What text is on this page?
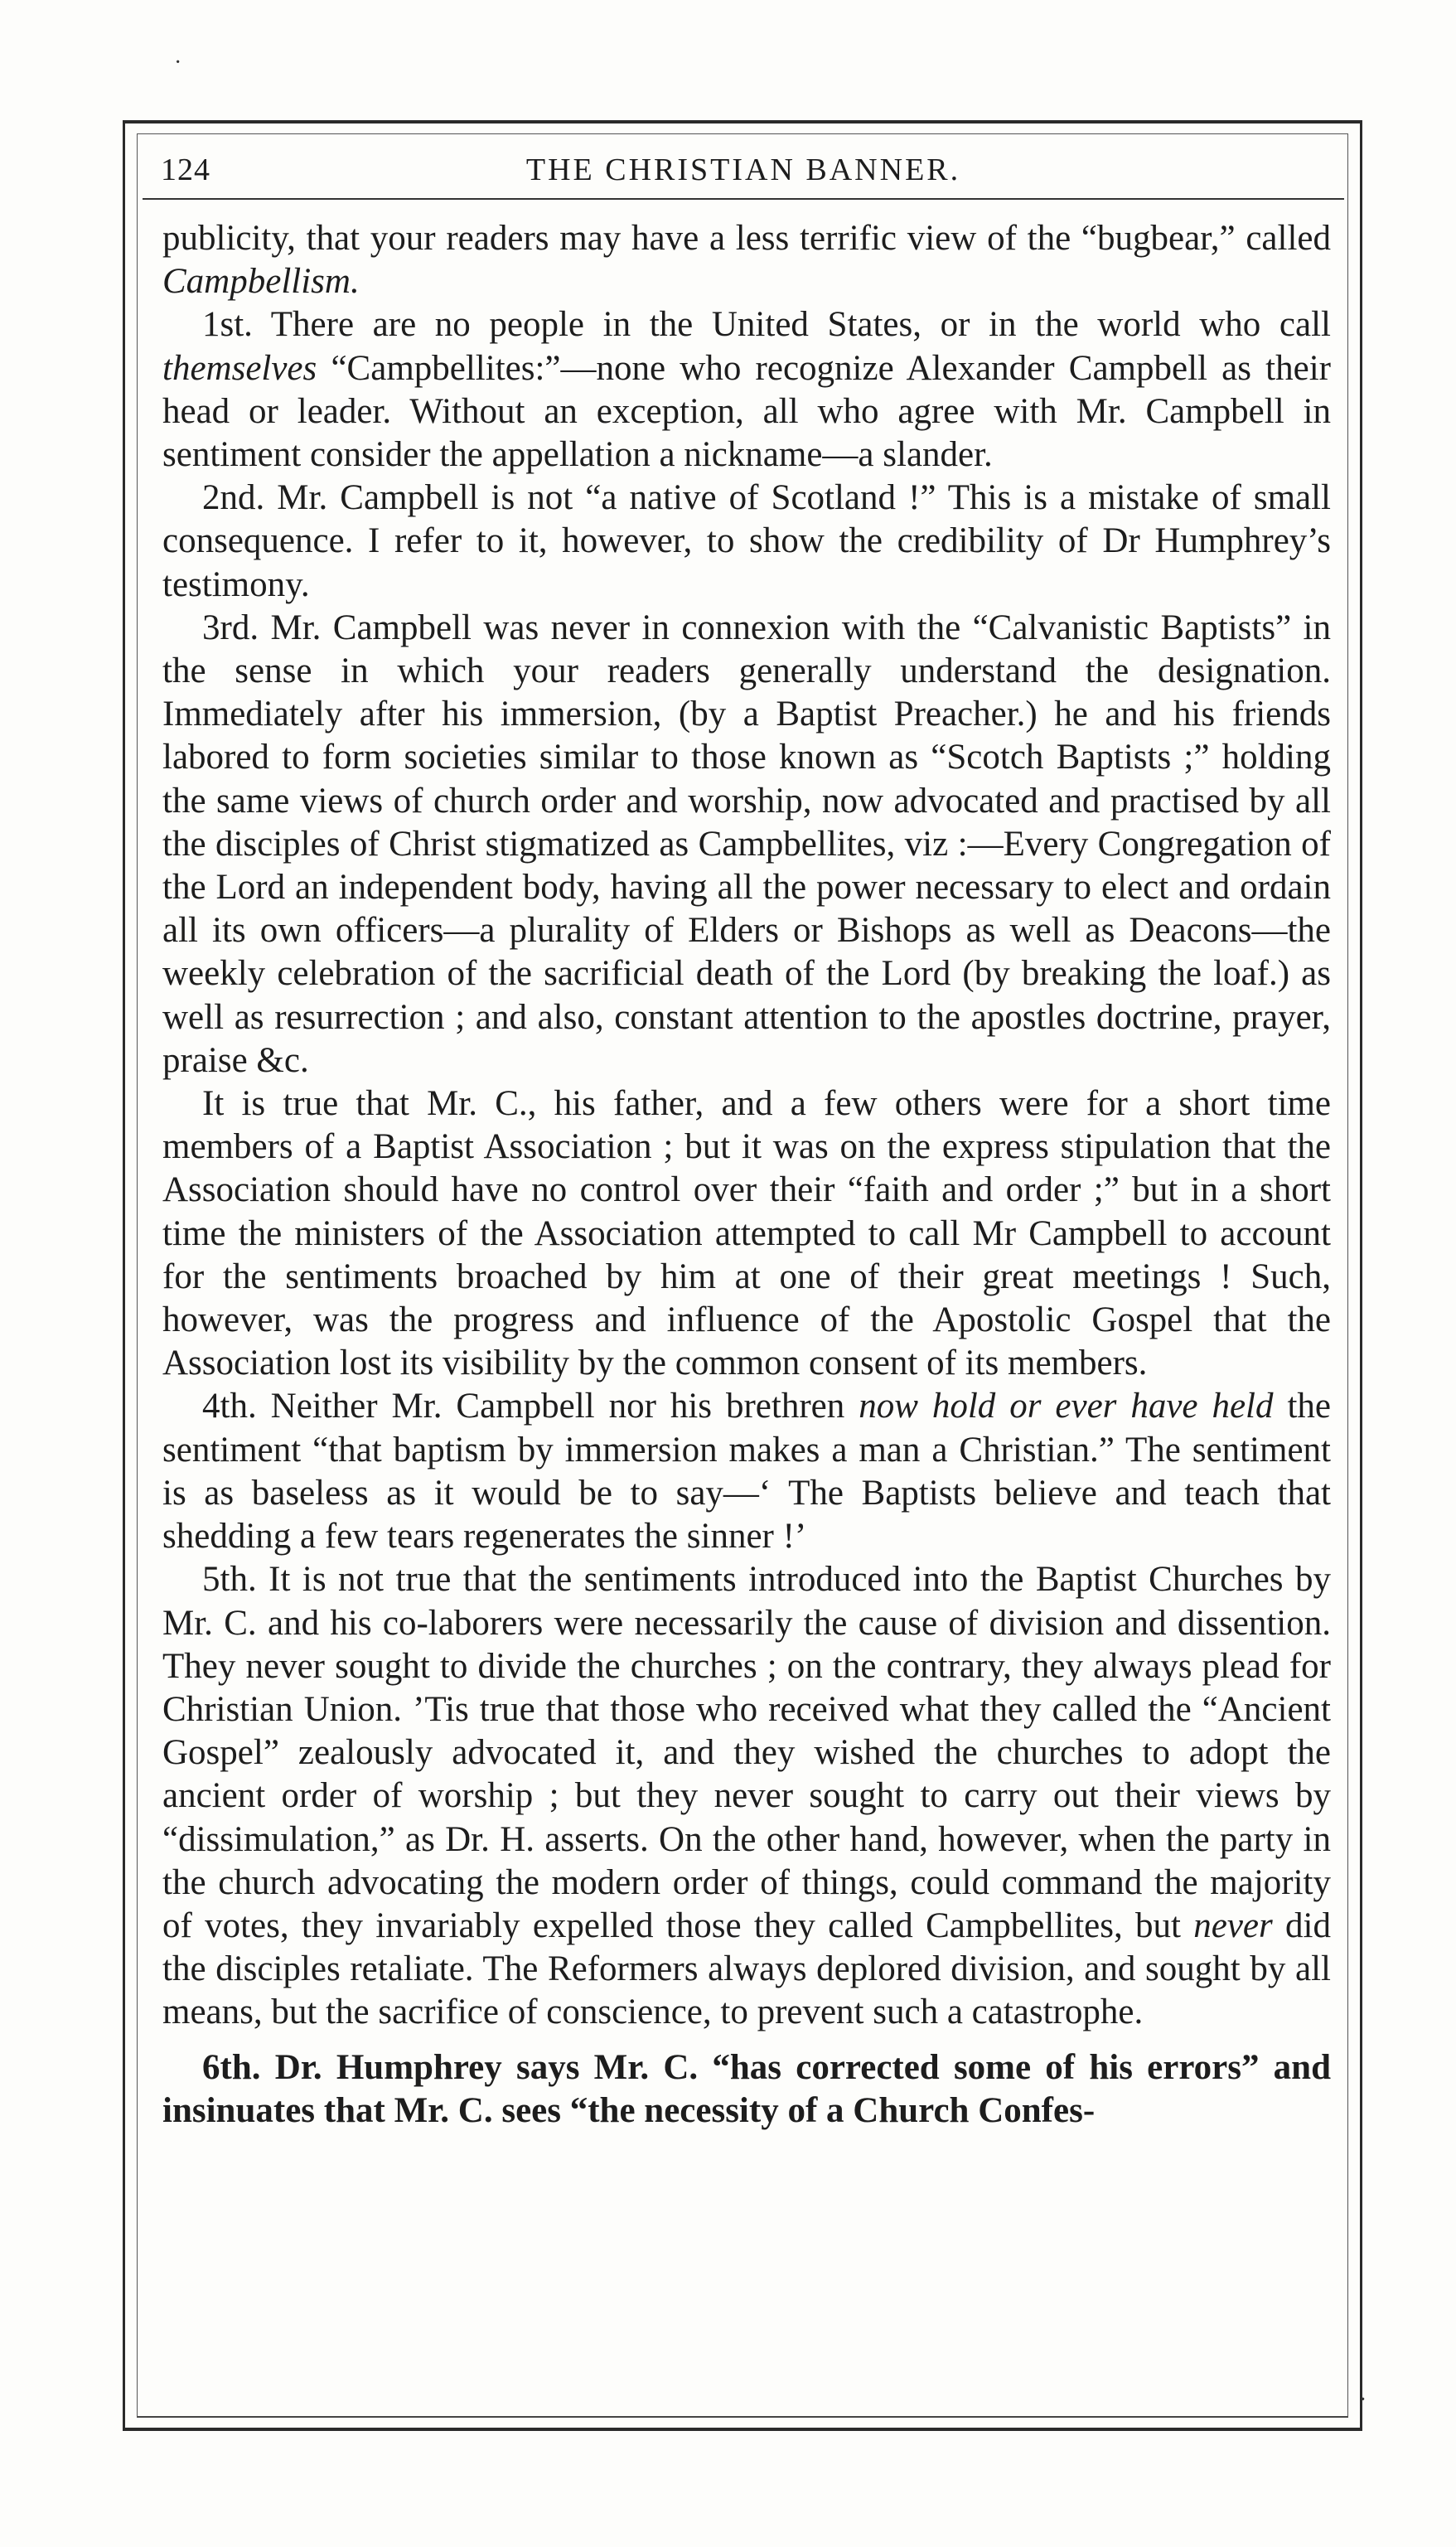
124	THE CHRISTIAN BANNER.

publicity, that your readers may have a less terrific view of the “bugbear,” called Campbellism.

1st. There are no people in the United States, or in the world who call themselves “Campbellites:”—none who recognize Alexander Campbell as their head or leader. Without an exception, all who agree with Mr. Campbell in sentiment consider the appellation a nickname—a slander.

2nd. Mr. Campbell is not “a native of Scotland !” This is a mistake of small consequence. I refer to it, however, to show the credibility of Dr Humphrey’s testimony.

3rd. Mr. Campbell was never in connexion with the “Calvanistic Baptists” in the sense in which your readers generally understand the designation. Immediately after his immersion, (by a Baptist Preacher.) he and his friends labored to form societies similar to those known as “Scotch Baptists ;” holding the same views of church order and worship, now advocated and practised by all the disciples of Christ stigmatized as Campbellites, viz :—Every Congregation of the Lord an independent body, having all the power necessary to elect and ordain all its own officers—a plurality of Elders or Bishops as well as Deacons—the weekly celebration of the sacrificial death of the Lord (by breaking the loaf.) as well as resurrection ; and also, constant attention to the apostles doctrine, prayer, praise &c.

It is true that Mr. C., his father, and a few others were for a short time members of a Baptist Association ; but it was on the express stipulation that the Association should have no control over their “faith and order ;” but in a short time the ministers of the Association attempted to call Mr Campbell to account for the sentiments broached by him at one of their great meetings ! Such, however, was the progress and influence of the Apostolic Gospel that the Association lost its visibility by the common consent of its members.

4th. Neither Mr. Campbell nor his brethren now hold or ever have held the sentiment “that baptism by immersion makes a man a Christian.” The sentiment is as baseless as it would be to say—‘ The Baptists believe and teach that shedding a few tears regenerates the sinner !’

5th. It is not true that the sentiments introduced into the Baptist Churches by Mr. C. and his co-laborers were necessarily the cause of division and dissention. They never sought to divide the churches ; on the contrary, they always plead for Christian Union. ’Tis true that those who received what they called the “Ancient Gospel” zealously advocated it, and they wished the churches to adopt the ancient order of worship ; but they never sought to carry out their views by “dissimulation,” as Dr. H. asserts. On the other hand, however, when the party in the church advocating the modern order of things, could command the majority of votes, they invariably expelled those they called Campbellites, but never did the disciples retaliate. The Reformers always deplored division, and sought by all means, but the sacrifice of conscience, to prevent such a catastrophe.

6th. Dr. Humphrey says Mr. C. “has corrected some of his errors” and insinuates that Mr. C. sees “the necessity of a Church Confes-

·
·
